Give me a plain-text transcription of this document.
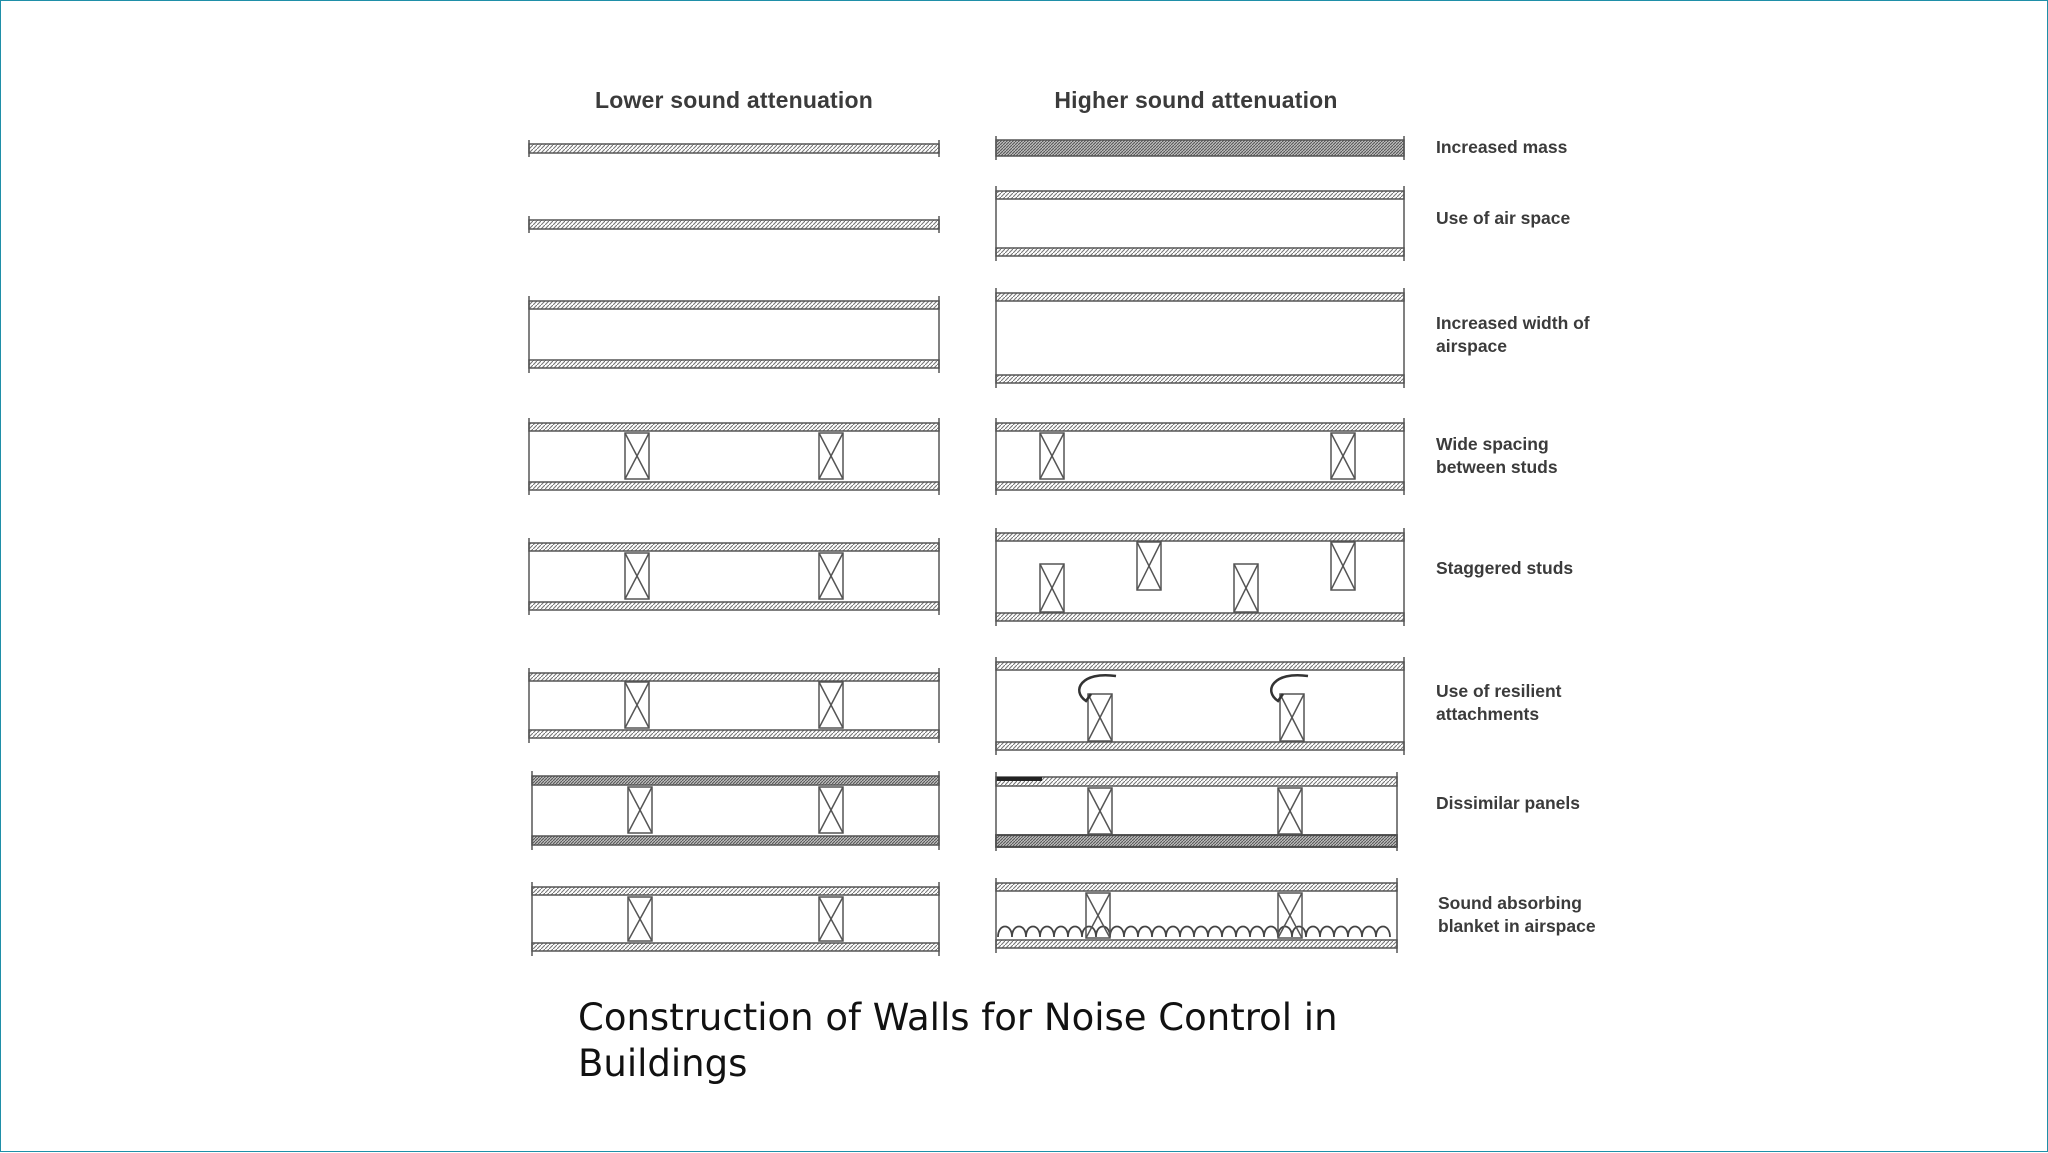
Lower sound attenuation	Higher sound attenuation
Increased mass
Use of air space
Increased width of
airspace
Wide spacing
between studs
Staggered studs
Use of resilient
attachments
Dissimilar panels
Sound absorbing
blanket in airspace
Construction of Walls for Noise Control in Buildings
